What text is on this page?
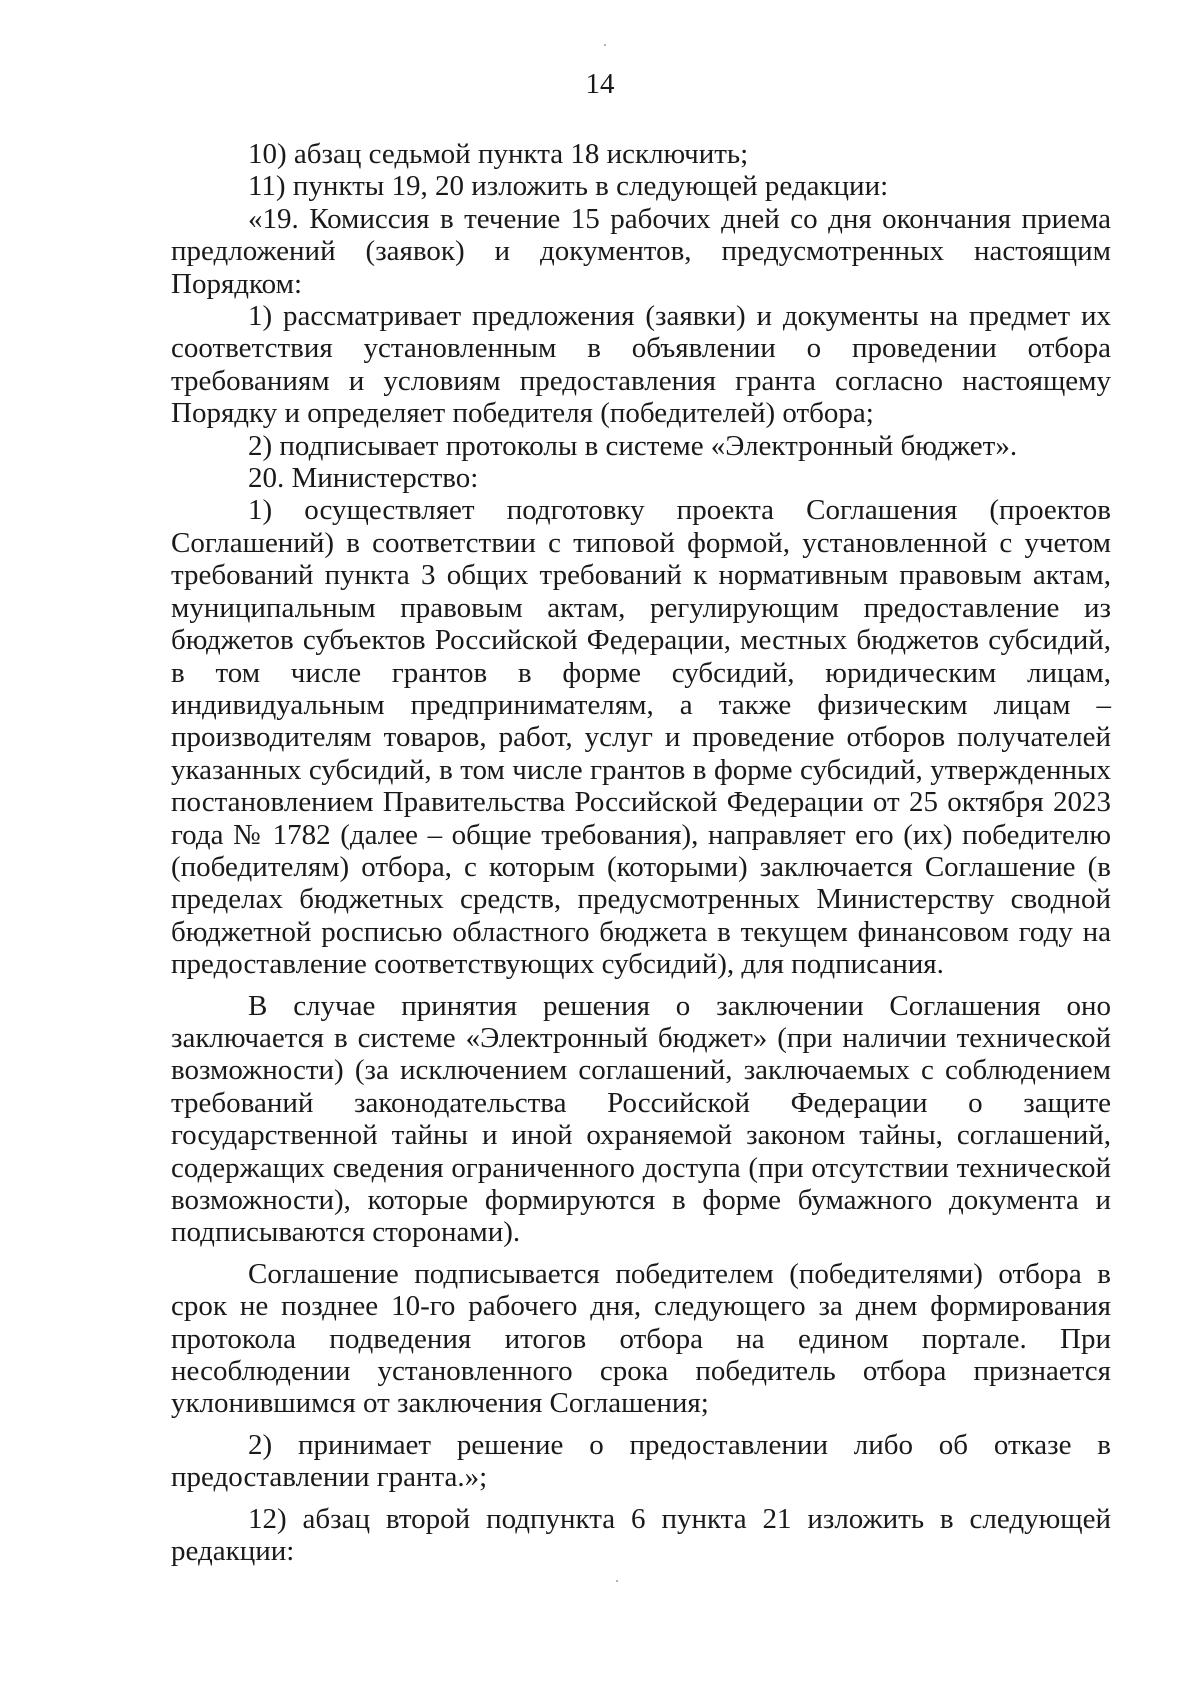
14

10) абзац седьмой пункта 18 исключить;

11) пункты 19, 20 изложить в следующей редакции:

«19. Комиссия в течение 15 рабочих дней со дня окончания приема предложений (заявок) и документов, предусмотренных настоящим Порядком:

1) рассматривает предложения (заявки) и документы на предмет их соответствия установленным в объявлении о проведении отбора требованиям и условиям предоставления гранта согласно настоящему Порядку и определяет победителя (победителей) отбора;

2) подписывает протоколы в системе «Электронный бюджет».

20. Министерство:

1) осуществляет подготовку проекта Соглашения (проектов Соглашений) в соответствии с типовой формой, установленной с учетом требований пункта 3 общих требований к нормативным правовым актам, муниципальным правовым актам, регулирующим предоставление из бюджетов субъектов Российской Федерации, местных бюджетов субсидий, в том числе грантов в форме субсидий, юридическим лицам, индивидуальным предпринимателям, а также физическим лицам – производителям товаров, работ, услуг и проведение отборов получателей указанных субсидий, в том числе грантов в форме субсидий, утвержденных постановлением Правительства Российской Федерации от 25 октября 2023 года № 1782 (далее – общие требования), направляет его (их) победителю (победителям) отбора, с которым (которыми) заключается Соглашение (в пределах бюджетных средств, предусмотренных Министерству сводной бюджетной росписью областного бюджета в текущем финансовом году на предоставление соответствующих субсидий), для подписания.

В случае принятия решения о заключении Соглашения оно заключается в системе «Электронный бюджет» (при наличии технической возможности) (за исключением соглашений, заключаемых с соблюдением требований законодательства Российской Федерации о защите государственной тайны и иной охраняемой законом тайны, соглашений, содержащих сведения ограниченного доступа (при отсутствии технической возможности), которые формируются в форме бумажного документа и подписываются сторонами).

Соглашение подписывается победителем (победителями) отбора в срок не позднее 10-го рабочего дня, следующего за днем формирования протокола подведения итогов отбора на едином портале. При несоблюдении установленного срока победитель отбора признается уклонившимся от заключения Соглашения;

2) принимает решение о предоставлении либо об отказе в предоставлении гранта.»;

12) абзац второй подпункта 6 пункта 21 изложить в следующей редакции:
